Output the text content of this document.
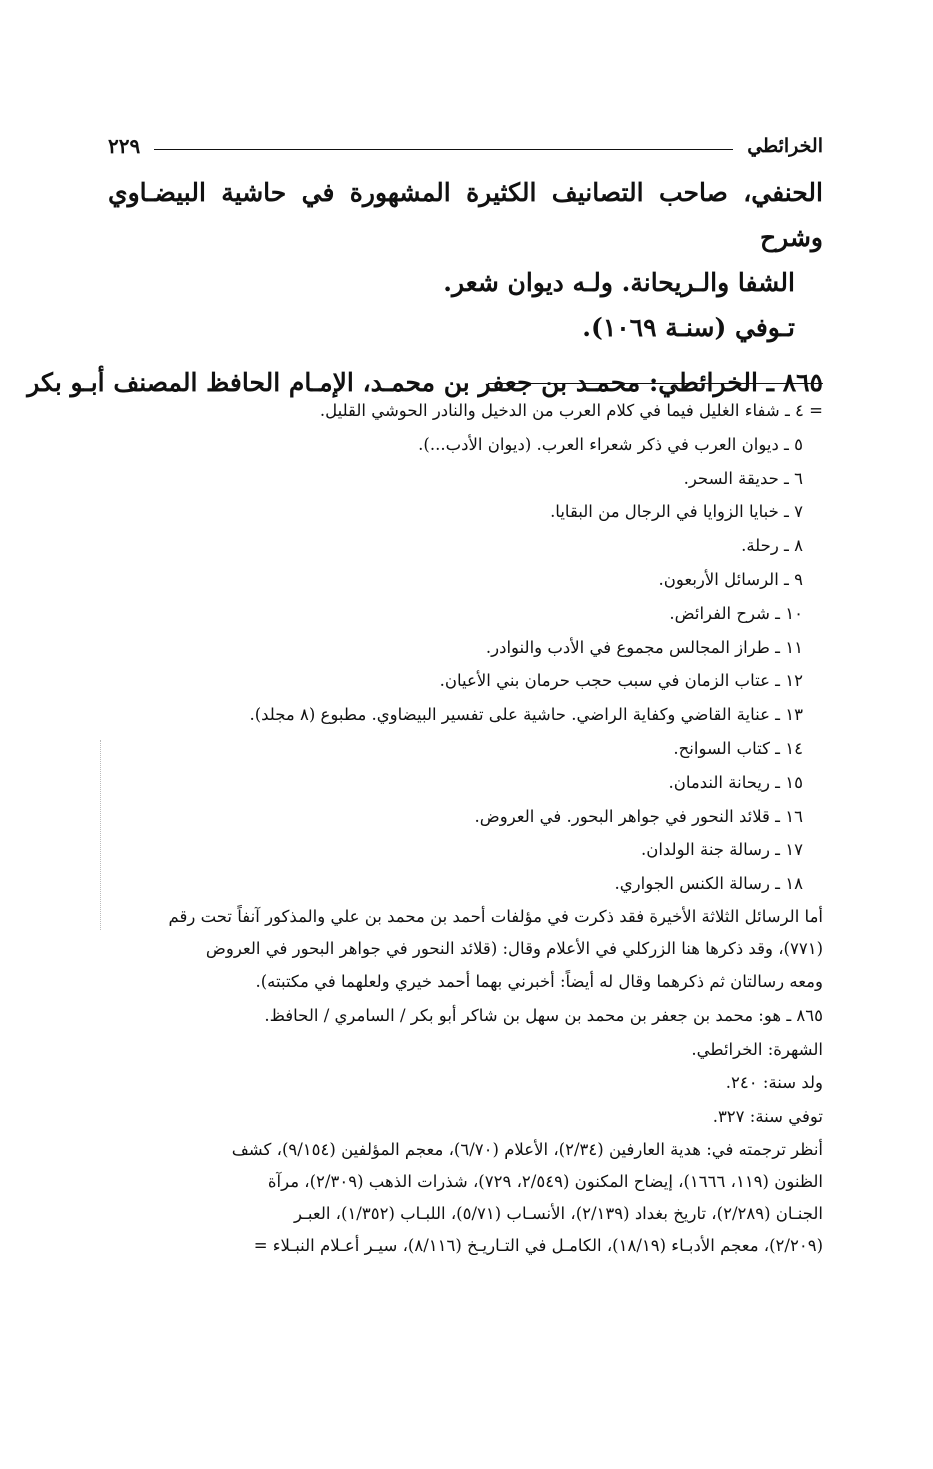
الخرائطي
٢٢٩

الحنفي، صاحب التصانيف الكثيرة المشهورة في حاشية البيضـاوي وشرح

الشفا والـريحانة. ولـه ديوان شعر.

تـوفي (سنـة ١٠٦٩).

٨٦٥ ـ الخرائطي: محمـد بن جعفر بن محمـد، الإمـام الحافظ المصنف أبـو بكر

= ٤ ـ شفاء الغليل فيما في كلام العرب من الدخيل والنادر الحوشي القليل.

٥ ـ ديوان العرب في ذكر شعراء العرب. (ديوان الأدب...).

٦ ـ حديقة السحر.

٧ ـ خبايا الزوايا في الرجال من البقايا.

٨ ـ رحلة.

٩ ـ الرسائل الأربعون.

١٠ ـ شرح الفرائض.

١١ ـ طراز المجالس مجموع في الأدب والنوادر.

١٢ ـ عتاب الزمان في سبب حجب حرمان بني الأعيان.

١٣ ـ عناية القاضي وكفاية الراضي. حاشية على تفسير البيضاوي. مطبوع (٨ مجلد).

١٤ ـ كتاب السوانح.

١٥ ـ ريحانة الندمان.

١٦ ـ قلائد النحور في جواهر البحور. في العروض.

١٧ ـ رسالة جنة الولدان.

١٨ ـ رسالة الكنس الجواري.

أما الرسائل الثلاثة الأخيرة فقد ذكرت في مؤلفات أحمد بن محمد بن علي والمذكور آنفاً تحت رقم

(٧٧١)، وقد ذكرها هنا الزركلي في الأعلام وقال: (قلائد النحور في جواهر البحور في العروض

ومعه رسالتان ثم ذكرهما وقال له أيضاً: أخبرني بهما أحمد خيري ولعلهما في مكتبته).

٨٦٥ ـ هو: محمد بن جعفر بن محمد بن سهل بن شاكر أبو بكر / السامري / الحافظ.

الشهرة: الخرائطي.

ولد سنة: ٢٤٠.

توفي سنة: ٣٢٧.

أنظر ترجمته في: هدية العارفين (٢/٣٤)، الأعلام (٦/٧٠)، معجم المؤلفين (٩/١٥٤)، كشف

الظنون (١١٩، ١٦٦٦)، إيضاح المكنون (٢/٥٤٩، ٧٢٩)، شذرات الذهب (٢/٣٠٩)، مرآة

الجنـان (٢/٢٨٩)، تاريخ بغداد (٢/١٣٩)، الأنسـاب (٥/٧١)، اللبـاب (١/٣٥٢)، العبـر

(٢/٢٠٩)، معجم الأدبـاء (١٨/١٩)، الكامـل في التـاريـخ (٨/١١٦)، سيـر أعـلام النبـلاء =
